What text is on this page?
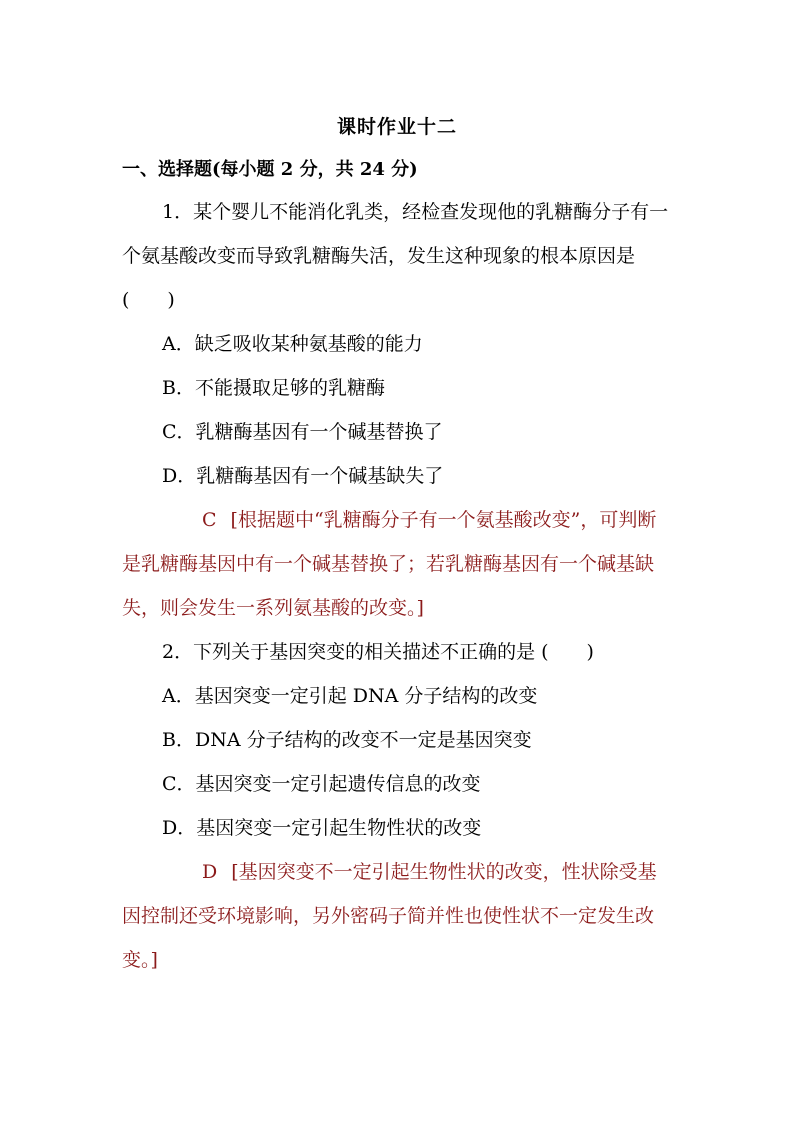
课时作业十二
一、选择题(每小题 2 分，共 24 分)
1．某个婴儿不能消化乳类，经检查发现他的乳糖酶分子有一个氨基酸改变而导致乳糖酶失活，发生这种现象的根本原因是(　　)
A．缺乏吸收某种氨基酸的能力
B．不能摄取足够的乳糖酶
C．乳糖酶基因有一个碱基替换了
D．乳糖酶基因有一个碱基缺失了
C [根据题中“乳糖酶分子有一个氨基酸改变”，可判断是乳糖酶基因中有一个碱基替换了；若乳糖酶基因有一个碱基缺失，则会发生一系列氨基酸的改变。]
2．下列关于基因突变的相关描述不正确的是 (　　)
A．基因突变一定引起 DNA 分子结构的改变
B．DNA 分子结构的改变不一定是基因突变
C．基因突变一定引起遗传信息的改变
D．基因突变一定引起生物性状的改变
D [基因突变不一定引起生物性状的改变，性状除受基因控制还受环境影响，另外密码子简并性也使性状不一定发生改变。]
